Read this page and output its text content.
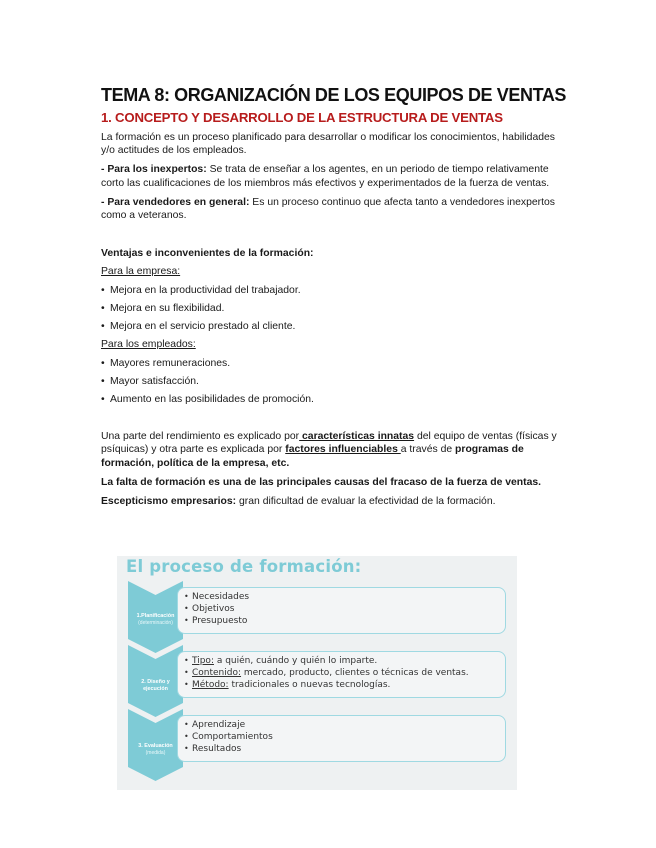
TEMA 8: ORGANIZACIÓN DE LOS EQUIPOS DE VENTAS
1. CONCEPTO Y DESARROLLO DE LA ESTRUCTURA DE VENTAS

La formación es un proceso planificado para desarrollar o modificar los conocimientos, habilidades y/o actitudes de los empleados.

- Para los inexpertos: Se trata de enseñar a los agentes, en un periodo de tiempo relativamente corto las cualificaciones de los miembros más efectivos y experimentados de la fuerza de ventas.

- Para vendedores en general: Es un proceso continuo que afecta tanto a vendedores inexpertos como a veteranos.

Ventajas e inconvenientes de la formación:
Para la empresa:
• Mejora en la productividad del trabajador.
• Mejora en su flexibilidad.
• Mejora en el servicio prestado al cliente.
Para los empleados:
• Mayores remuneraciones.
• Mayor satisfacción.
• Aumento en las posibilidades de promoción.

Una parte del rendimiento es explicado por características innatas del equipo de ventas (físicas y psíquicas) y otra parte es explicada por factores influenciables a través de programas de formación, política de la empresa, etc.

La falta de formación es una de las principales causas del fracaso de la fuerza de ventas.

Escepticismo empresarios: gran dificultad de evaluar la efectividad de la formación.

El proceso de formación:
1.Planificación
(determinación)
• Necesidades
• Objetivos
• Presupuesto
2. Diseño y ejecución
• Tipo: a quién, cuándo y quién lo imparte.
• Contenido: mercado, producto, clientes o técnicas de ventas.
• Método: tradicionales o nuevas tecnologías.
3. Evaluación
(medida)
• Aprendizaje
• Comportamientos
• Resultados
